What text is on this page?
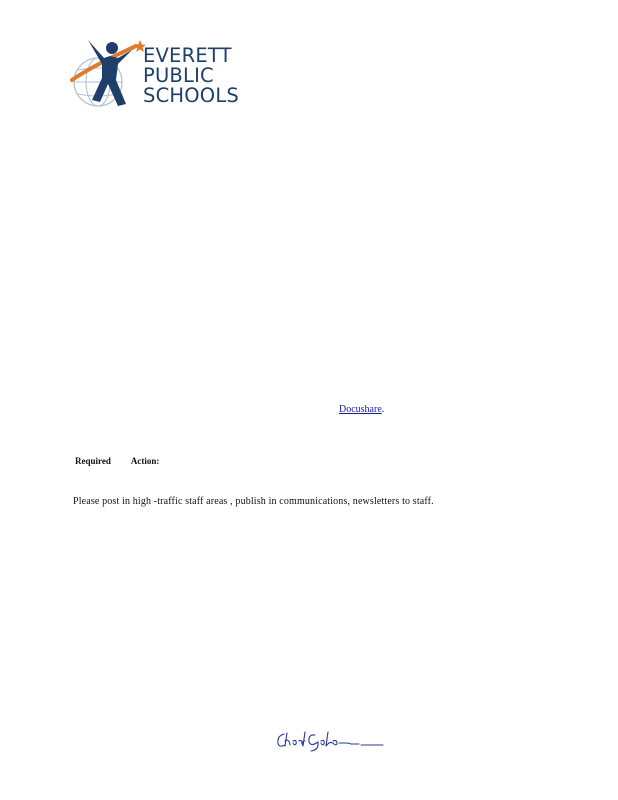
EVERETT
PUBLIC
SCHOOLS
Docushare.
Required Action:
Please post in high -traffic staff areas , publish in communications, newsletters to staff.
